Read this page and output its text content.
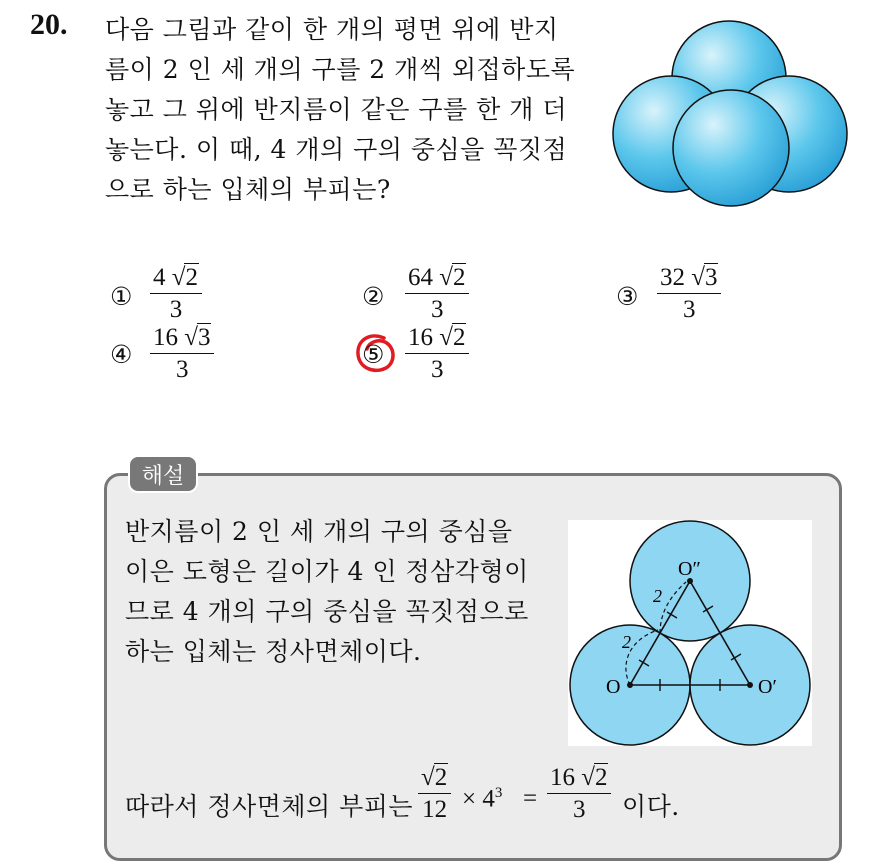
20. 다음 그림과 같이 한 개의 평면 위에 반지
름이 2 인 세 개의 구를 2 개씩 외접하도록
놓고 그 위에 반지름이 같은 구를 한 개 더
놓는다. 이 때, 4 개의 구의 중심을 꼭짓점
으로 하는 입체의 부피는?
① $\frac{4 √2}{3}$	② $\frac{64 √2}{3}$	③ $\frac{32 √3}{3}$
④ $\frac{16 √3}{3}$	⑤ $\frac{16 √2}{3}$
해설
반지름이 2 인 세 개의 구의 중심을
이은 도형은 길이가 4 인 정삼각형이
므로 4 개의 구의 중심을 꼭짓점으로
하는 입체는 정사면체이다.
O″
O	O′
2
2
따라서 정사면체의 부피는 $\frac{√2}{12} \times 4^3 = \frac{16 √2}{3}$ 이다.
